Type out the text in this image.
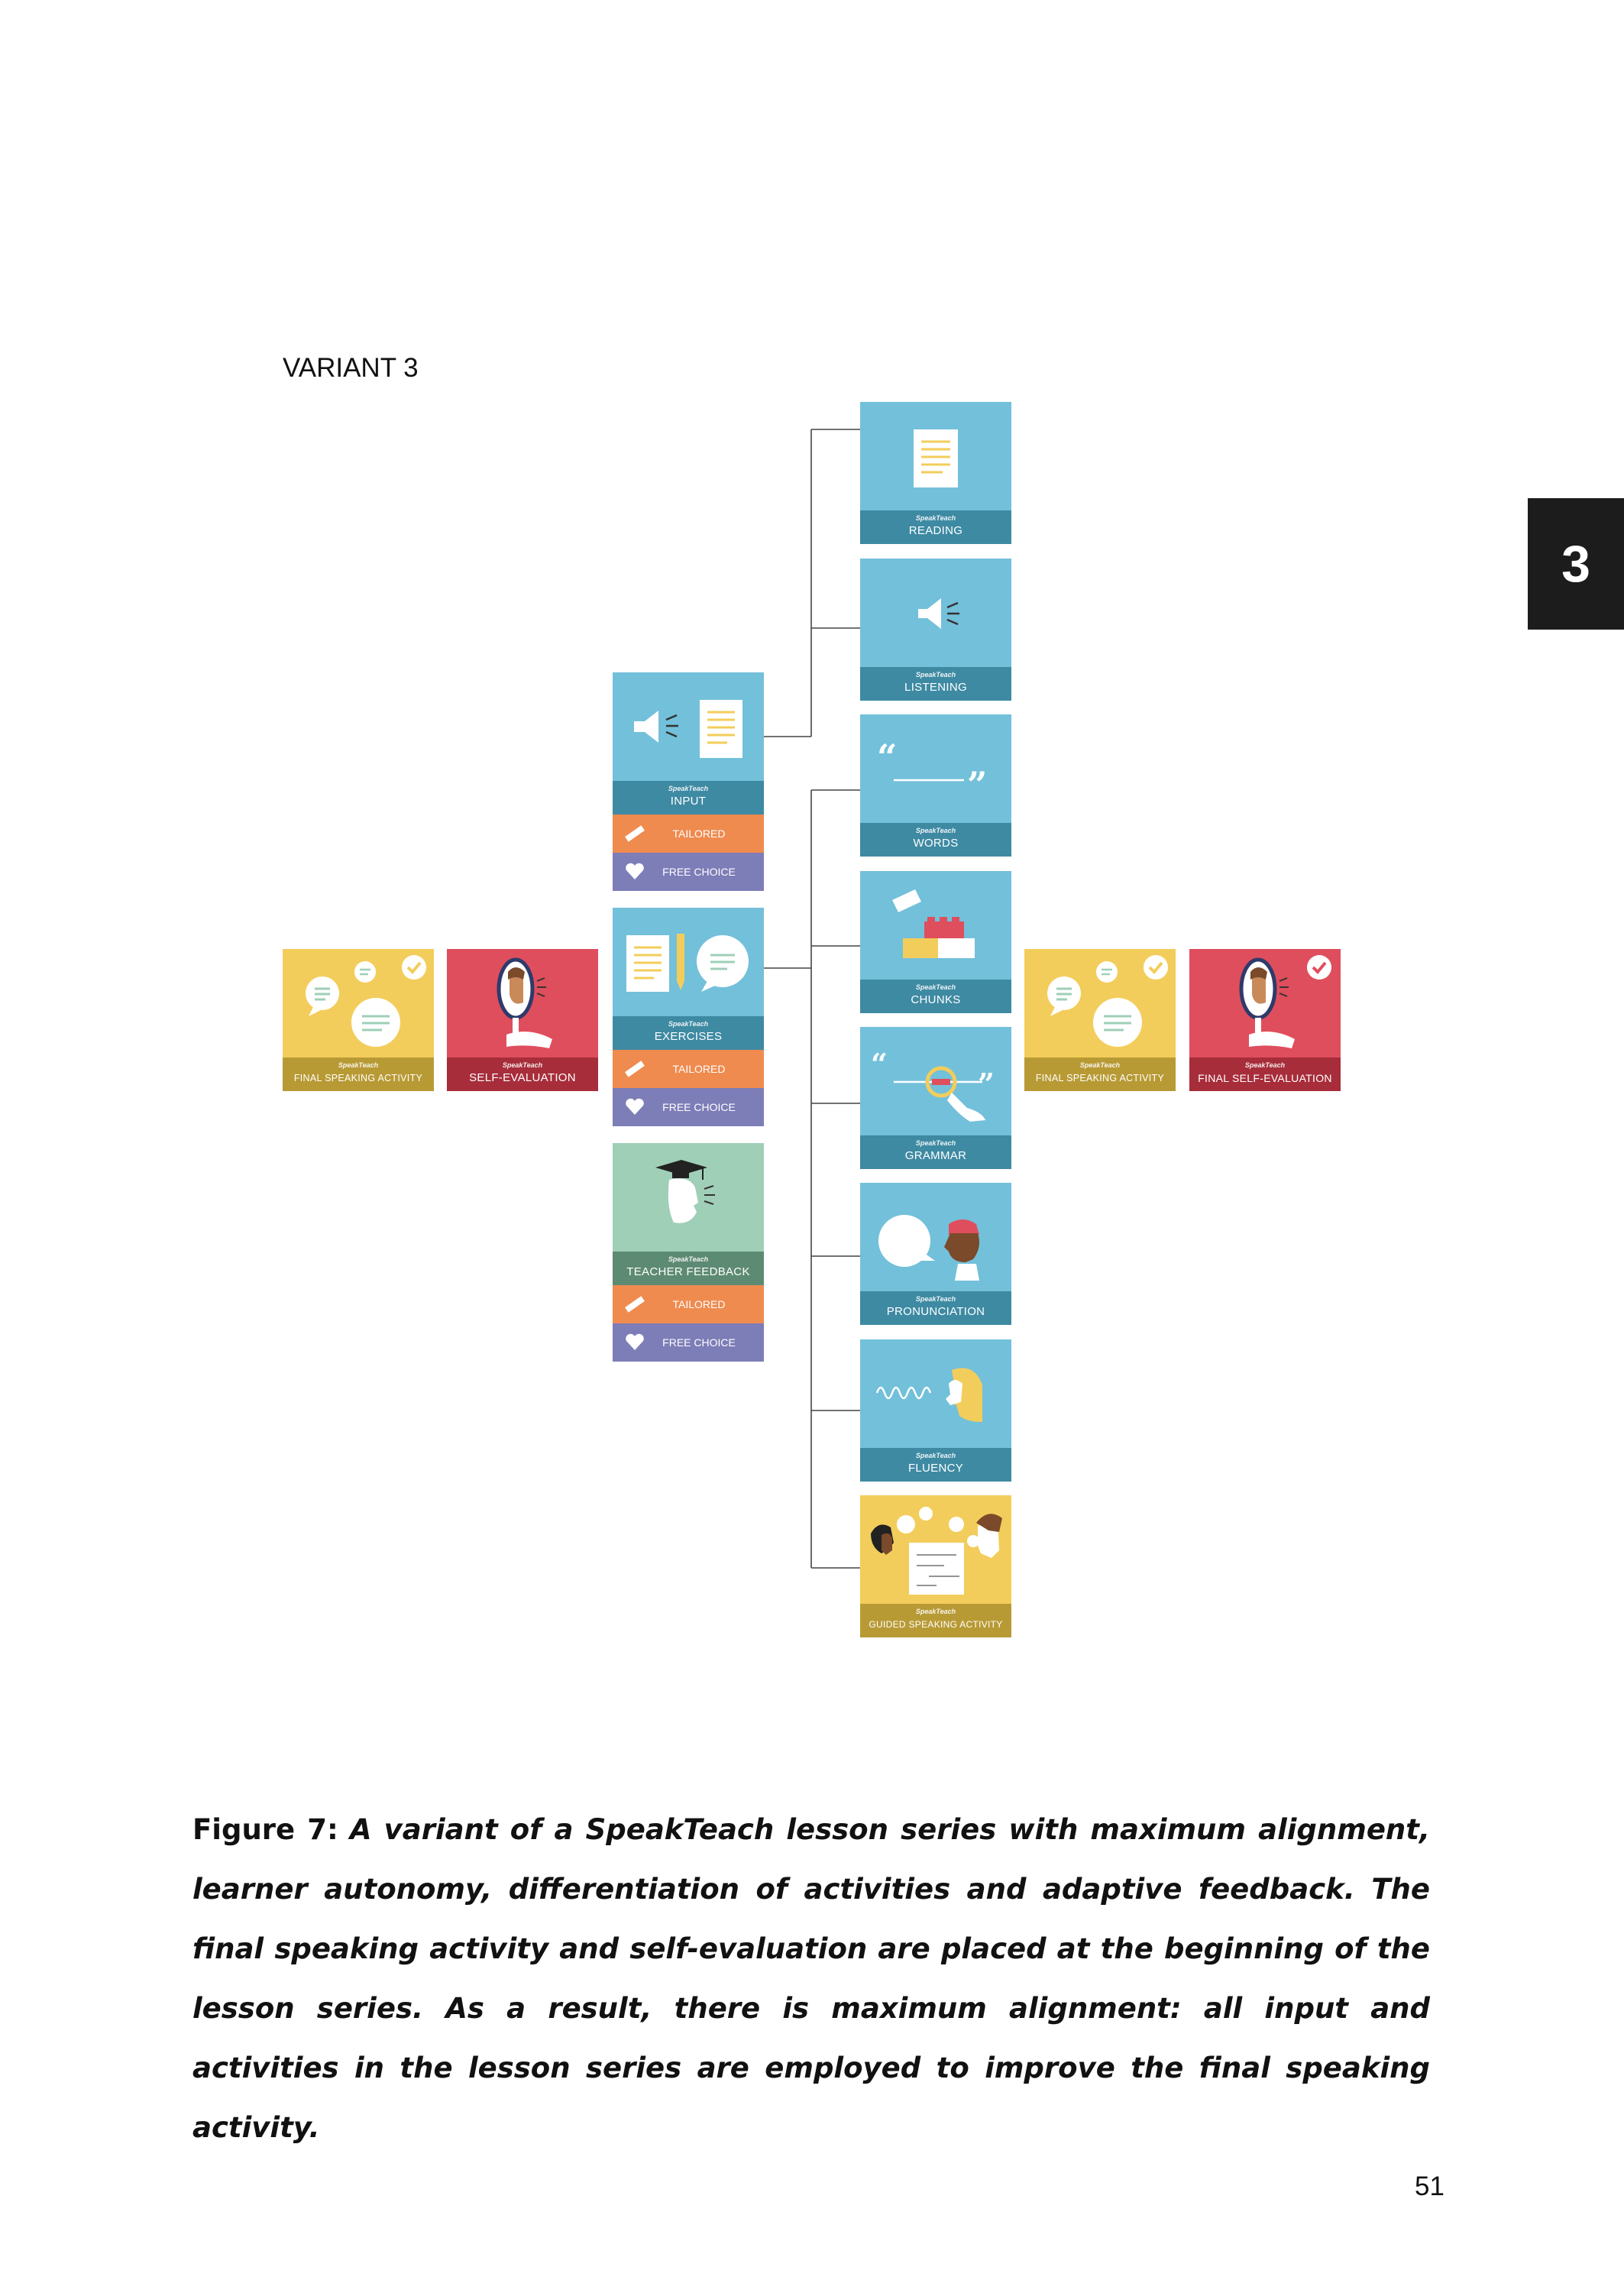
VARIANT 3
3
SpeakTeach
FINAL SPEAKING ACTIVITY
SpeakTeach
SELF-EVALUATION
SpeakTeach
INPUT
TAILORED
FREE CHOICE
SpeakTeach
EXERCISES
TAILORED
FREE CHOICE
SpeakTeach
TEACHER FEEDBACK
TAILORED
FREE CHOICE
SpeakTeach
READING
SpeakTeach
LISTENING
“
”
SpeakTeach
WORDS
SpeakTeach
CHUNKS
“
”
SpeakTeach
GRAMMAR
SpeakTeach
PRONUNCIATION
SpeakTeach
FLUENCY
SpeakTeach
GUIDED SPEAKING ACTIVITY
SpeakTeach
FINAL SPEAKING ACTIVITY
SpeakTeach
FINAL SELF-EVALUATION
Figure 7: A variant of a SpeakTeach lesson series with maximum alignment, learner autonomy, differentiation of activities and adaptive feedback. The final speaking activity and self-evaluation are placed at the beginning of the lesson series. As a result, there is maximum alignment: all input and activities in the lesson series are employed to improve the final speaking activity.
51
